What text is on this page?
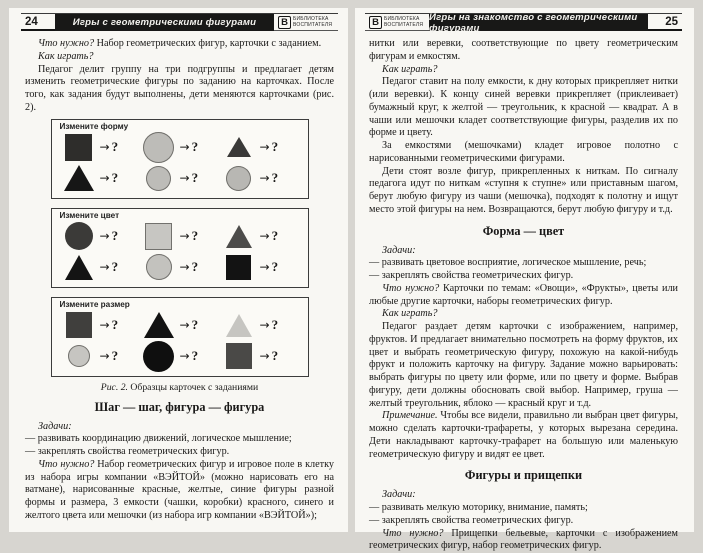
24	Игры с геометрическими фигурами	В	БИБЛИОТЕКА
ВОСПИТАТЕЛЯ

Что нужно? Набор геометрических фигур, карточки с заданием.

Как играть?

Педагог делит группу на три подгруппы и предлагает детям изменить геометрические фигуры по заданию на карточках. После того, как задания будут выполнены, дети меняются карточками (рис. 2).

Измените форму
→ ?	→ ?	→ ?
→ ?	→ ?	→ ?
Измените цвет
→ ?	→ ?	→ ?
→ ?	→ ?	→ ?
Измените размер
→ ?	→ ?	→ ?
→ ?	→ ?	→ ?

Рис. 2. Образцы карточек с заданиями

Шаг — шаг, фигура — фигура

Задачи:

— развивать координацию движений, логическое мышление;

— закреплять свойства геометрических фигур.

Что нужно? Набор геометрических фигур и игровое поле в клетку из набора игры компании «ВЭЙТОЙ» (можно нарисовать его на ватмане), нарисованные красные, желтые, синие фигуры разной формы и размера, 3 емкости (чашки, коробки) красного, синего и желтого цвета или мешочки (из набора игр компании «ВЭЙТОЙ»);

В	БИБЛИОТЕКА
ВОСПИТАТЕЛЯ
Игры на знакомство с геометрическими фигурами	25

нитки или веревки, соответствующие по цвету геометрическим фигурам и емкостям.

Как играть?

Педагог ставит на полу емкости, к дну которых прикрепляет нитки (или веревки). К концу синей веревки прикрепляет (приклеивает) бумажный круг, к желтой — треугольник, к красной — квадрат. А в чаши или мешочки кладет соответствующие фигуры, разделив их по форме и цвету.

За емкостями (мешочками) кладет игровое полотно с нарисованными геометрическими фигурами.

Дети стоят возле фигур, прикрепленных к ниткам. По сигналу педагога идут по ниткам «ступня к ступне» или приставным шагом, берут любую фигуру из чаши (мешочка), подходят к полотну и ищут место этой фигуры на нем. Возвращаются, берут любую фигуру и т.д.

Форма — цвет

Задачи:

— развивать цветовое восприятие, логическое мышление, речь;

— закреплять свойства геометрических фигур.

Что нужно? Карточки по темам: «Овощи», «Фрукты», цветы или любые другие карточки, наборы геометрических фигур.

Как играть?

Педагог раздает детям карточки с изображением, например, фруктов. И предлагает внимательно посмотреть на форму фруктов, их цвет и выбрать геометрическую фигуру, похожую на какой-нибудь фрукт и положить карточку на фигуру. Задание можно варьировать: выбрать фигуры по цвету или форме, или по цвету и форме. Выбрав фигуру, дети должны обосновать свой выбор. Например, груша — желтый треугольник, яблоко — красный круг и т.д.

Примечание. Чтобы все видели, правильно ли выбран цвет фигуры, можно сделать карточки-трафареты, у которых вырезана середина. Дети накладывают карточку-трафарет на большую или маленькую геометрическую фигуру и видят ее цвет.

Фигуры и прищепки

Задачи:

— развивать мелкую моторику, внимание, память;

— закреплять свойства геометрических фигур.

Что нужно? Прищепки бельевые, карточки с изображением геометрических фигур, набор геометрических фигур.
